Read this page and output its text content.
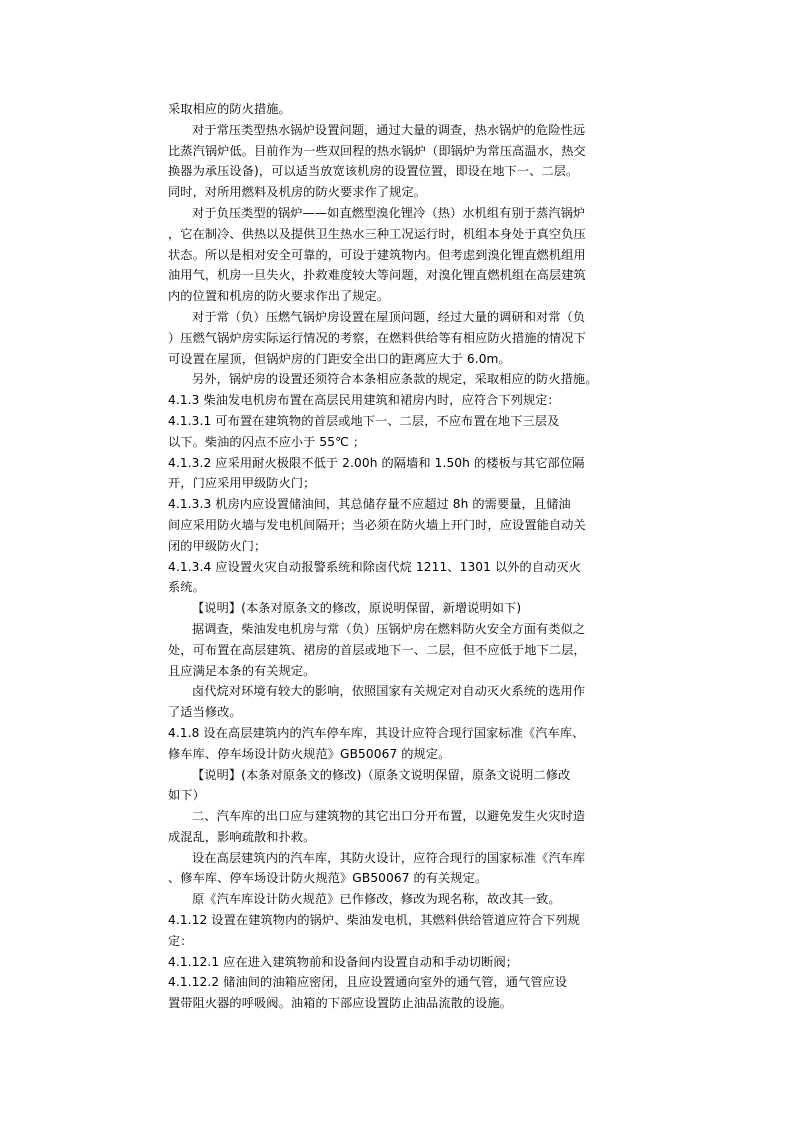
采取相应的防火措施。
对于常压类型热水锅炉设置问题，通过大量的调查，热水锅炉的危险性远
比蒸汽锅炉低。目前作为一些双回程的热水锅炉（即锅炉为常压高温水，热交
换器为承压设备)，可以适当放宽该机房的设置位置，即设在地下一、二层。
同时，对所用燃料及机房的防火要求作了规定。
对于负压类型的锅炉——如直燃型溴化锂冷（热）水机组有别于蒸汽锅炉
，它在制冷、供热以及提供卫生热水三种工况运行时，机组本身处于真空负压
状态。所以是相对安全可靠的，可设于建筑物内。但考虑到溴化锂直燃机组用
油用气，机房一旦失火，扑救难度较大等问题，对溴化锂直燃机组在高层建筑
内的位置和机房的防火要求作出了规定。
对于常（负）压燃气锅炉房设置在屋顶问题，经过大量的调研和对常（负
）压燃气锅炉房实际运行情况的考察，在燃料供给等有相应防火措施的情况下
可设置在屋顶，但锅炉房的门距安全出口的距离应大于 6.0m。
另外，锅炉房的设置还须符合本条相应条款的规定，采取相应的防火措施。
4.1.3 柴油发电机房布置在高层民用建筑和裙房内时，应符合下列规定：
4.1.3.1 可布置在建筑物的首层或地下一、二层，不应布置在地下三层及
以下。柴油的闪点不应小于 55℃ ；
4.1.3.2 应采用耐火极限不低于 2.00h 的隔墙和 1.50h 的楼板与其它部位隔
开，门应采用甲级防火门；
4.1.3.3 机房内应设置储油间，其总储存量不应超过 8h 的需要量，且储油
间应采用防火墙与发电机间隔开；当必须在防火墙上开门时，应设置能自动关
闭的甲级防火门；
4.1.3.4 应设置火灾自动报警系统和除卤代烷 1211、1301 以外的自动灭火
系统。
【说明】(本条对原条文的修改，原说明保留，新增说明如下)
据调查，柴油发电机房与常（负）压锅炉房在燃料防火安全方面有类似之
处，可布置在高层建筑、裙房的首层或地下一、二层，但不应低于地下二层，
且应满足本条的有关规定。
卤代烷对环境有较大的影响，依照国家有关规定对自动灭火系统的选用作
了适当修改。
4.1.8 设在高层建筑内的汽车停车库，其设计应符合现行国家标准《汽车库、
修车库、停车场设计防火规范》GB50067 的规定。
【说明】(本条对原条文的修改)（原条文说明保留，原条文说明二修改
如下）
二、汽车库的出口应与建筑物的其它出口分开布置，以避免发生火灾时造
成混乱，影响疏散和扑救。
设在高层建筑内的汽车库，其防火设计，应符合现行的国家标准《汽车库
、修车库、停车场设计防火规范》GB50067 的有关规定。
原《汽车库设计防火规范》已作修改，修改为现名称，故改其一致。
4.1.12 设置在建筑物内的锅炉、柴油发电机，其燃料供给管道应符合下列规
定：
4.1.12.1 应在进入建筑物前和设备间内设置自动和手动切断阀；
4.1.12.2 储油间的油箱应密闭，且应设置通向室外的通气管，通气管应设
置带阻火器的呼吸阀。油箱的下部应设置防止油品流散的设施。
